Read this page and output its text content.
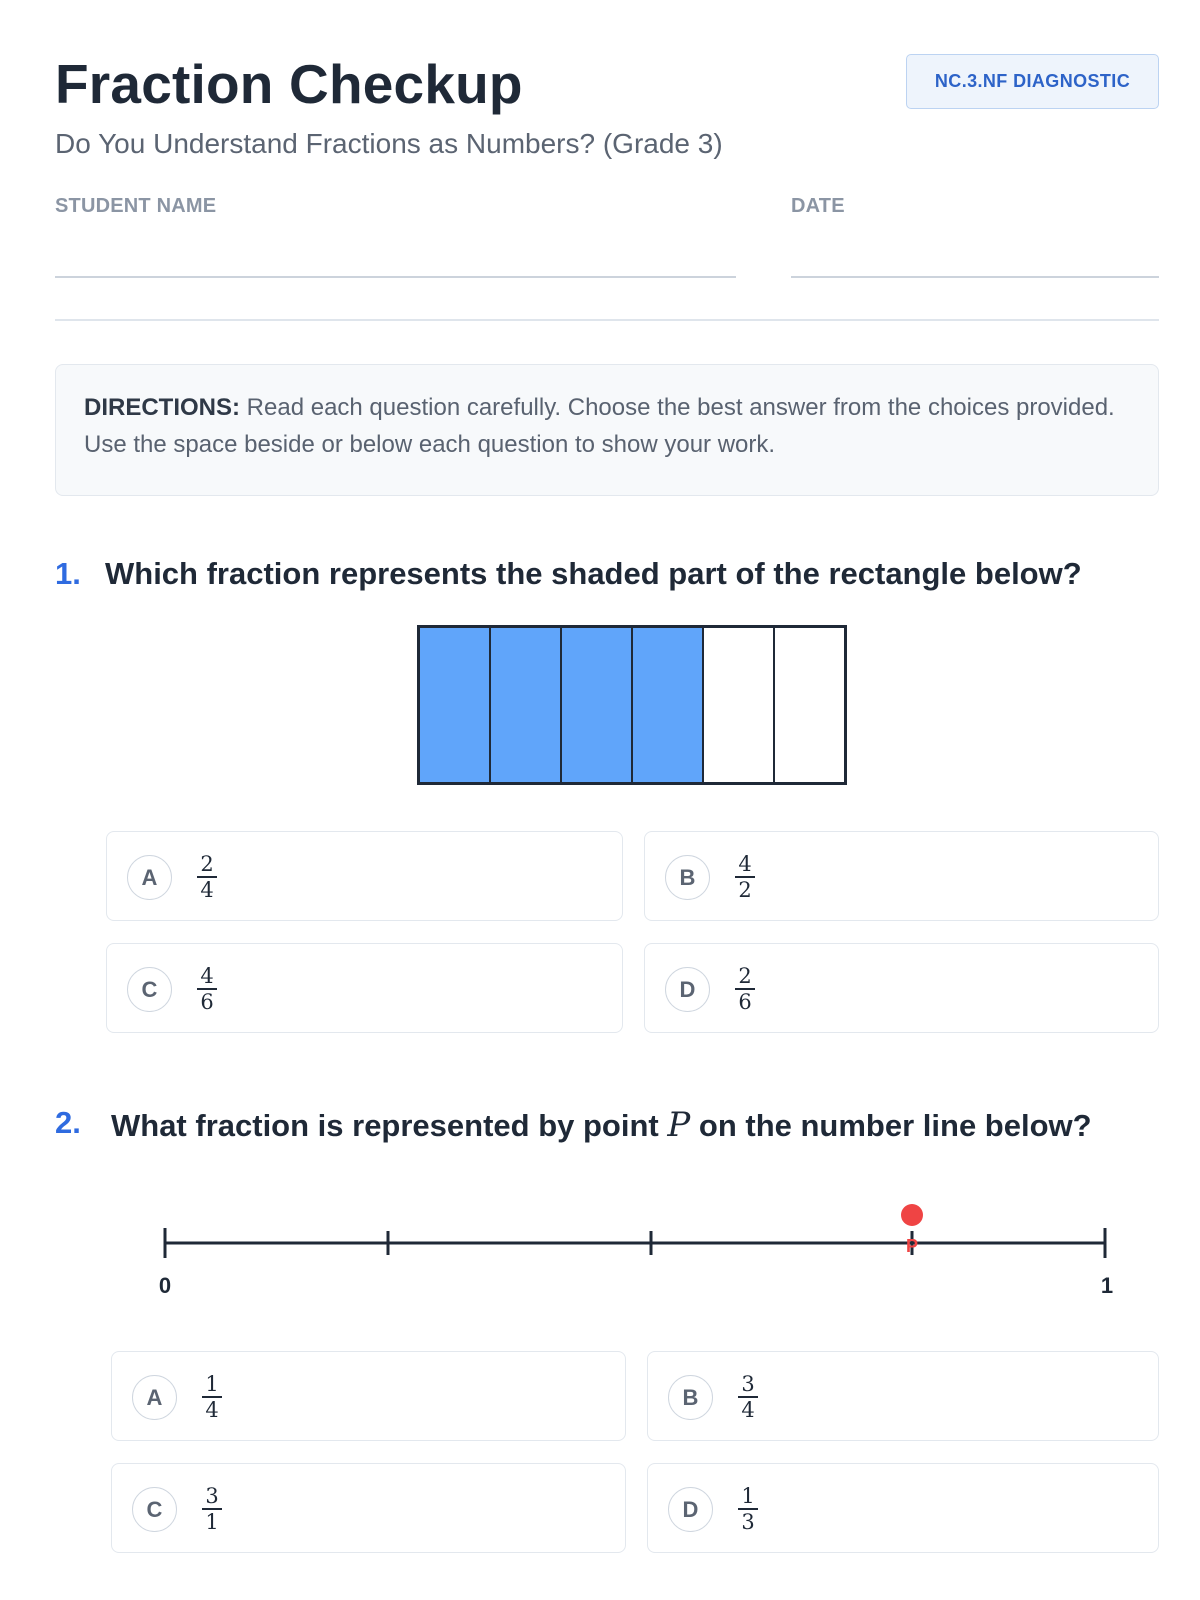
Fraction Checkup
Do You Understand Fractions as Numbers? (Grade 3)
NC.3.NF DIAGNOSTIC
STUDENT NAME	DATE
DIRECTIONS: Read each question carefully. Choose the best answer from the choices provided. Use the space beside or below each question to show your work.
1. Which fraction represents the shaded part of the rectangle below?
A	$\frac{2}{4}$	B	$\frac{4}{2}$
C	$\frac{4}{6}$	D	$\frac{2}{6}$
2. What fraction is represented by point P on the number line below?
0	1
P
A	$\frac{1}{4}$	B	$\frac{3}{4}$
C	$\frac{3}{1}$	D	$\frac{1}{3}$
